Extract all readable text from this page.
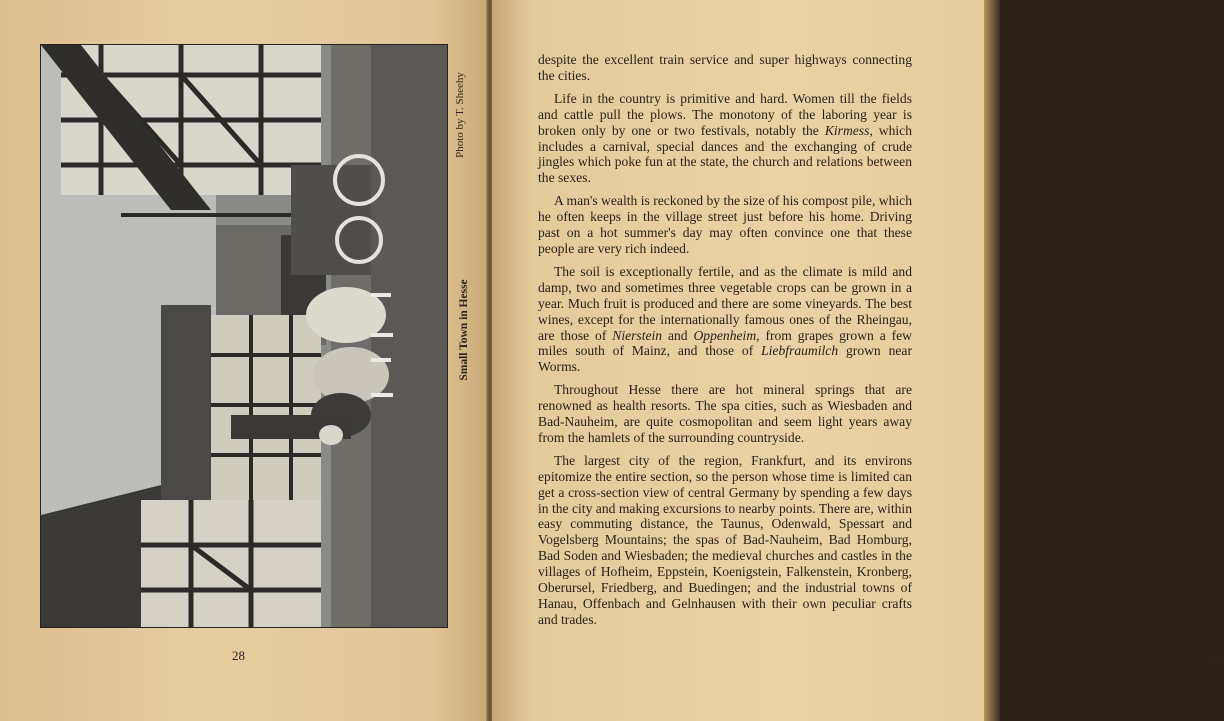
Photo by T. Sheehy
Small Town in Hesse
28	29

despite the excellent train service and super highways connecting the cities.

Life in the country is primitive and hard. Women till the fields and cattle pull the plows. The monotony of the laboring year is broken only by one or two festivals, notably the Kirmess, which includes a carnival, special dances and the exchanging of crude jingles which poke fun at the state, the church and relations between the sexes.

A man's wealth is reckoned by the size of his compost pile, which he often keeps in the village street just before his home. Driving past on a hot summer's day may often convince one that these people are very rich indeed.

The soil is exceptionally fertile, and as the climate is mild and damp, two and sometimes three vegetable crops can be grown in a year. Much fruit is produced and there are some vineyards. The best wines, except for the internationally famous ones of the Rheingau, are those of Nierstein and Oppenheim, from grapes grown a few miles south of Mainz, and those of Liebfraumilch grown near Worms.

Throughout Hesse there are hot mineral springs that are renowned as health resorts. The spa cities, such as Wiesbaden and Bad-Nauheim, are quite cosmopolitan and seem light years away from the hamlets of the surrounding countryside.

The largest city of the region, Frankfurt, and its environs epitomize the entire section, so the person whose time is limited can get a cross-section view of central Germany by spending a few days in the city and making excursions to nearby points. There are, within easy commuting distance, the Taunus, Odenwald, Spessart and Vogelsberg Mountains; the spas of Bad-Nauheim, Bad Homburg, Bad Soden and Wiesbaden; the medieval churches and castles in the villages of Hofheim, Eppstein, Koenigstein, Falkenstein, Kronberg, Oberursel, Friedberg, and Buedingen; and the industrial towns of Hanau, Offenbach and Gelnhausen with their own peculiar crafts and trades.
